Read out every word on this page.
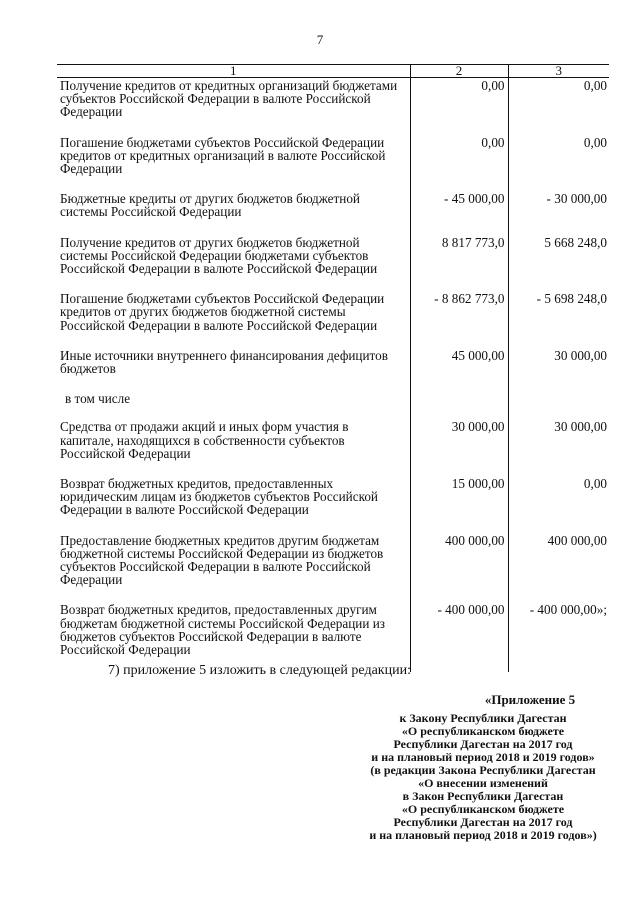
7
1	2	3
Получение кредитов от кредитных организаций бюджетами субъектов Российской Федерации в валюте Российской Федерации	0,00	0,00
Погашение бюджетами субъектов Российской Федерации кредитов от кредитных организаций в валюте Российской Федерации	0,00	0,00
Бюджетные кредиты от других бюджетов бюджетной системы Российской Федерации	- 45 000,00	- 30 000,00
Получение кредитов от других бюджетов бюджетной системы Российской Федерации бюджетами субъектов Российской Федерации в валюте Российской Федерации	8 817 773,0	5 668 248,0
Погашение бюджетами субъектов Российской Федерации кредитов от других бюджетов бюджетной системы Российской Федерации в валюте Российской Федерации	- 8 862 773,0	- 5 698 248,0
Иные источники внутреннего финансирования дефицитов бюджетов	45 000,00	30 000,00
в том числе		
Средства от продажи акций и иных форм участия в капитале, находящихся в собственности субъектов Российской Федерации	30 000,00	30 000,00
Возврат бюджетных кредитов, предоставленных юридическим лицам из бюджетов субъектов Российской Федерации в валюте Российской Федерации	15 000,00	0,00
Предоставление бюджетных кредитов другим бюджетам бюджетной системы Российской Федерации из бюджетов субъектов Российской Федерации в валюте Российской Федерации	400 000,00	400 000,00
Возврат бюджетных кредитов, предоставленных другим бюджетам бюджетной системы Российской Федерации из бюджетов субъектов Российской Федерации в валюте Российской Федерации	- 400 000,00	- 400 000,00»;
7) приложение 5 изложить в следующей редакции:
«Приложение 5
к Закону Республики Дагестан
«О республиканском бюджете
Республики Дагестан на 2017 год
и на плановый период 2018 и 2019 годов»
(в редакции Закона Республики Дагестан
«О внесении изменений
в Закон Республики Дагестан
«О республиканском бюджете
Республики Дагестан на 2017 год
и на плановый период 2018 и 2019 годов»)
